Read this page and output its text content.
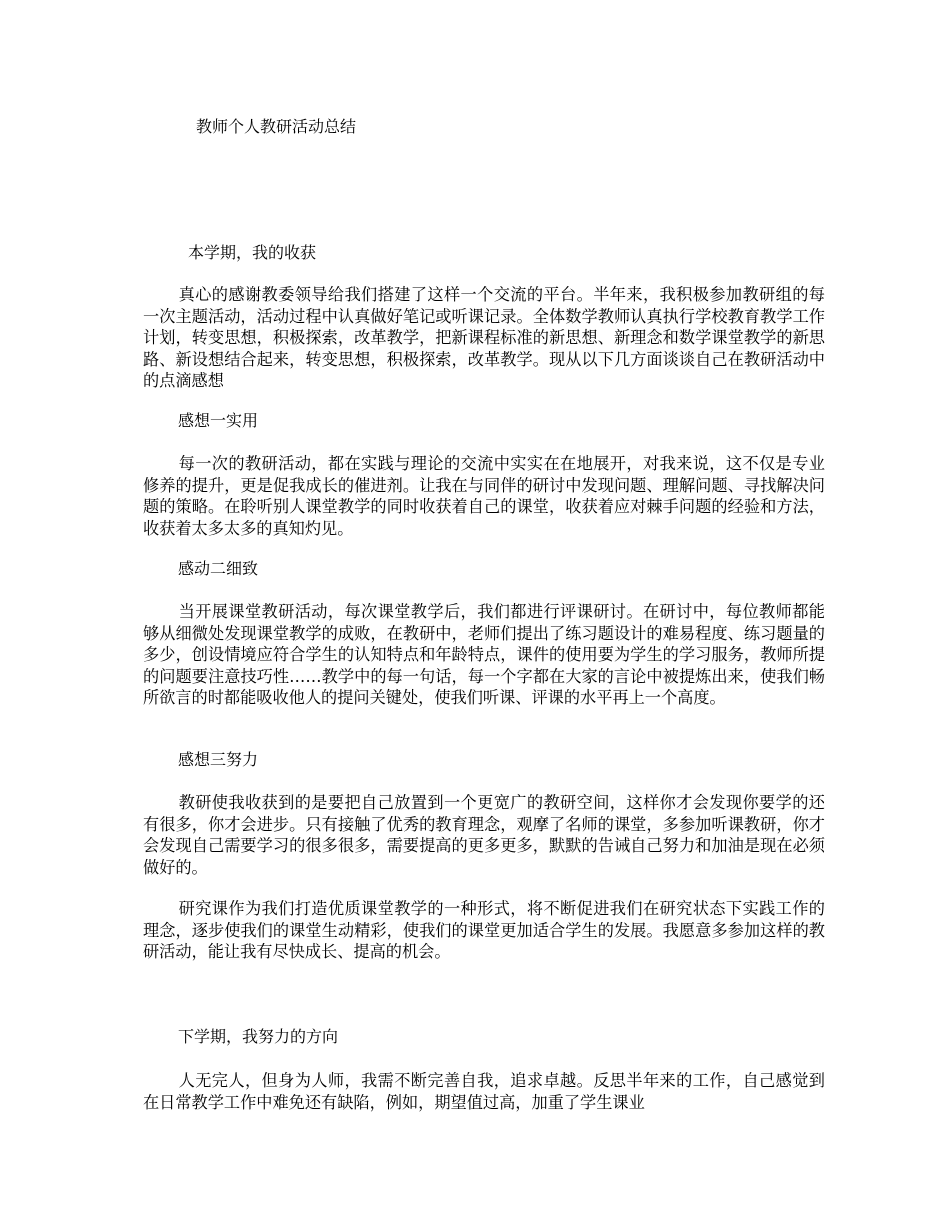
教师个人教研活动总结
本学期，我的收获

真心的感谢教委领导给我们搭建了这样一个交流的平台。半年来，我积极参加教研组的每一次主题活动，活动过程中认真做好笔记或听课记录。全体数学教师认真执行学校教育教学工作计划，转变思想，积极探索，改革教学，把新课程标准的新思想、新理念和数学课堂教学的新思路、新设想结合起来，转变思想，积极探索，改革教学。现从以下几方面谈谈自己在教研活动中的点滴感想

感想一实用

每一次的教研活动，都在实践与理论的交流中实实在在地展开，对我来说，这不仅是专业修养的提升，更是促我成长的催进剂。让我在与同伴的研讨中发现问题、理解问题、寻找解决问题的策略。在聆听别人课堂教学的同时收获着自己的课堂，收获着应对棘手问题的经验和方法，收获着太多太多的真知灼见。

感动二细致

当开展课堂教研活动，每次课堂教学后，我们都进行评课研讨。在研讨中，每位教师都能够从细微处发现课堂教学的成败，在教研中，老师们提出了练习题设计的难易程度、练习题量的多少，创设情境应符合学生的认知特点和年龄特点，课件的使用要为学生的学习服务，教师所提的问题要注意技巧性……教学中的每一句话，每一个字都在大家的言论中被提炼出来，使我们畅所欲言的时都能吸收他人的提问关键处，使我们听课、评课的水平再上一个高度。

感想三努力

教研使我收获到的是要把自己放置到一个更宽广的教研空间，这样你才会发现你要学的还有很多，你才会进步。只有接触了优秀的教育理念，观摩了名师的课堂，多参加听课教研，你才会发现自己需要学习的很多很多，需要提高的更多更多，默默的告诫自己努力和加油是现在必须做好的。

研究课作为我们打造优质课堂教学的一种形式，将不断促进我们在研究状态下实践工作的理念，逐步使我们的课堂生动精彩，使我们的课堂更加适合学生的发展。我愿意多参加这样的教研活动，能让我有尽快成长、提高的机会。

下学期，我努力的方向

人无完人，但身为人师，我需不断完善自我，追求卓越。反思半年来的工作，自己感觉到在日常教学工作中难免还有缺陷，例如，期望值过高，加重了学生课业
